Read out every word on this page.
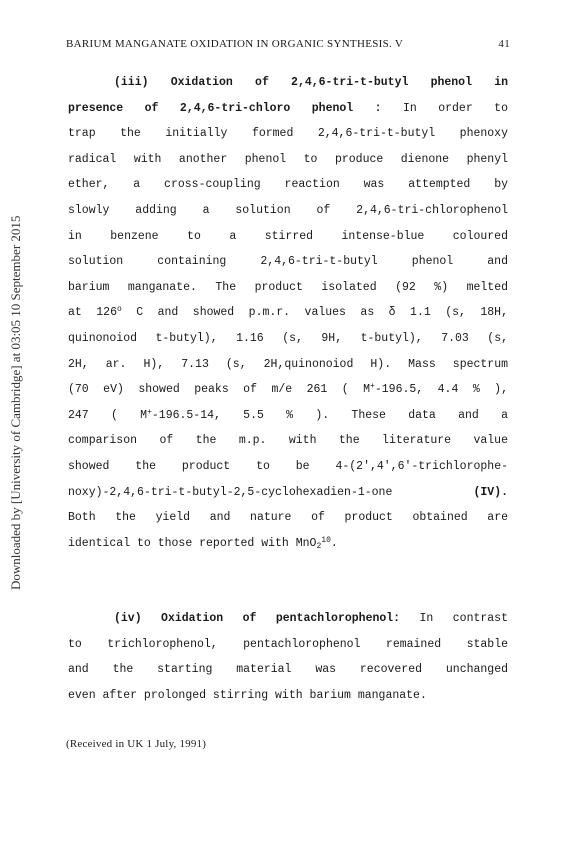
BARIUM MANGANATE OXIDATION IN ORGANIC SYNTHESIS. V	41
Downloaded by [University of Cambridge] at 03:05 10 September 2015
(iii) Oxidation of 2,4,6-tri-t-butyl phenol in
presence of 2,4,6-tri-chloro phenol : In order to
trap the initially formed 2,4,6-tri-t-butyl phenoxy
radical with another phenol to produce dienone phenyl
ether, a cross-coupling reaction was attempted by
slowly adding a solution of 2,4,6-tri-chlorophenol
in benzene to a stirred intense-blue coloured
solution containing 2,4,6-tri-t-butyl phenol and
barium manganate. The product isolated (92 %) melted
at 126$^o$ C and showed p.m.r. values as δ 1.1 (s, 18H,
quinonoiod t-butyl), 1.16 (s, 9H, t-butyl), 7.03 (s,
2H, ar. H), 7.13 (s, 2H,quinonoiod H). Mass spectrum
(70 eV) showed peaks of m/e 261 ( M+-196.5, 4.4 % ),
247 ( M+-196.5-14, 5.5 % ). These data and a
comparison of the m.p. with the literature value
showed the product to be 4-(2',4',6'-trichlorophe-
noxy)-2,4,6-tri-t-butyl-2,5-cyclohexadien-1-one (IV).
Both the yield and nature of product obtained are
identical to those reported with MnO$_2^{10}$.
(iv) Oxidation of pentachlorophenol: In contrast
to trichlorophenol, pentachlorophenol remained stable
and the starting material was recovered unchanged
even after prolonged stirring with barium manganate.
(Received in UK 1 July, 1991)
